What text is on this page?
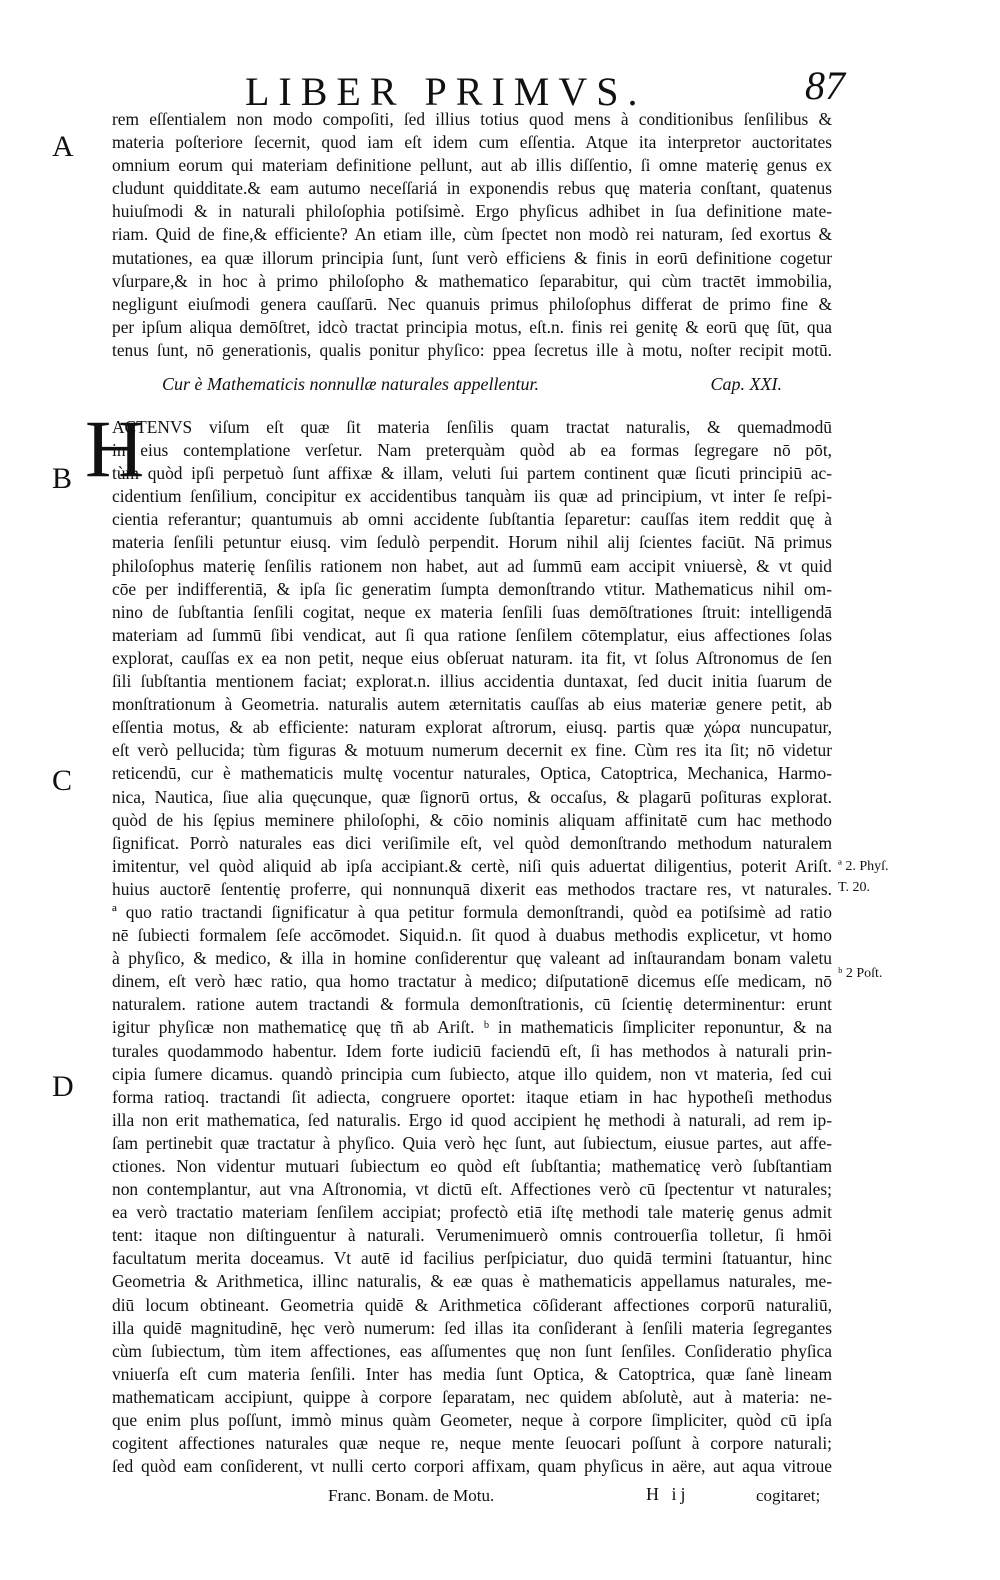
LIBER PRIMVS.	87
rem eſſentialem non modo compoſiti, ſed illius totius quod mens à conditionibus ſenſilibus &
materia poſteriore ſecernit, quod iam eſt idem cum eſſentia. Atque ita interpretor auctoritates
omnium eorum qui materiam definitione pellunt, aut ab illis diſſentio, ſi omne materię genus ex
cludunt quidditate.& eam autumo neceſſariá in exponendis rebus quę materia conſtant, quatenus
huiuſmodi & in naturali philoſophia potiſsimè. Ergo phyſicus adhibet in ſua definitione mate-
riam. Quid de fine,& efficiente? An etiam ille, cùm ſpectet non modò rei naturam, ſed exortus &
mutationes, ea quæ illorum principia ſunt, ſunt verò efficiens & finis in eorū definitione cogetur
vſurpare,& in hoc à primo philoſopho & mathematico ſeparabitur, qui cùm tractēt immobilia,
negligunt eiuſmodi genera cauſſarū. Nec quanuis primus philoſophus differat de primo fine &
per ipſum aliqua demōſtret, idcò tractat principia motus, eſt.n. finis rei genitę & eorū quę ſūt, qua
tenus ſunt, nō generationis, qualis ponitur phyſico: ppea ſecretus ille à motu, noſter recipit motū.
Cur è Mathematicis nonnullæ naturales appellentur.	Cap. XXI.
H
ACTENVS viſum eſt quæ ſit materia ſenſilis quam tractat naturalis, & quemadmodū
in eius contemplatione verſetur. Nam preterquàm quòd ab ea formas ſegregare nō pōt,
tùm quòd ipſi perpetuò ſunt affixæ & illam, veluti ſui partem continent quæ ſicuti principiū ac-
cidentium ſenſilium, concipitur ex accidentibus tanquàm iis quæ ad principium, vt inter ſe reſpi-
cientia referantur; quantumuis ab omni accidente ſubſtantia ſeparetur: cauſſas item reddit quę à
materia ſenſili petuntur eiusq. vim ſedulò perpendit. Horum nihil alij ſcientes faciūt. Nā primus
philoſophus materię ſenſilis rationem non habet, aut ad ſummū eam accipit vniuersè, & vt quid
cōe per indifferentiā, & ipſa ſic generatim ſumpta demonſtrando vtitur. Mathematicus nihil om-
nino de ſubſtantia ſenſili cogitat, neque ex materia ſenſili ſuas demōſtrationes ſtruit: intelligendā
materiam ad ſummū ſibi vendicat, aut ſi qua ratione ſenſilem cōtemplatur, eius affectiones ſolas
explorat, cauſſas ex ea non petit, neque eius obſeruat naturam. ita fit, vt ſolus Aſtronomus de ſen
ſili ſubſtantia mentionem faciat; explorat.n. illius accidentia duntaxat, ſed ducit initia ſuarum de
monſtrationum à Geometria. naturalis autem æternitatis cauſſas ab eius materiæ genere petit, ab
eſſentia motus, & ab efficiente: naturam explorat aſtrorum, eiusq. partis quæ χώρα nuncupatur,
eſt verò pellucida; tùm figuras & motuum numerum decernit ex fine. Cùm res ita ſit; nō videtur
reticendū, cur è mathematicis multę vocentur naturales, Optica, Catoptrica, Mechanica, Harmo-
nica, Nautica, ſiue alia quęcunque, quæ ſignorū ortus, & occaſus, & plagarū poſituras explorat.
quòd de his ſępius meminere philoſophi, & cōio nominis aliquam affinitatē cum hac methodo
ſignificat. Porrò naturales eas dici veriſimile eſt, vel quòd demonſtrando methodum naturalem
imitentur, vel quòd aliquid ab ipſa accipiant.& certè, niſi quis aduertat diligentius, poterit Ariſt.
huius auctorē ſententię proferre, qui nonnunquā dixerit eas methodos tractare res, vt naturales.
ª quo ratio tractandi ſignificatur à qua petitur formula demonſtrandi, quòd ea potiſsimè ad ratio
nē ſubiecti formalem ſeſe accōmodet. Siquid.n. ſit quod à duabus methodis explicetur, vt homo
à phyſico, & medico, & illa in homine conſiderentur quę valeant ad inſtaurandam bonam valetu
dinem, eſt verò hæc ratio, qua homo tractatur à medico; diſputationē dicemus eſſe medicam, nō
naturalem. ratione autem tractandi & formula demonſtrationis, cū ſcientię determinentur: erunt
igitur phyſicæ non mathematicę quę tñ ab Ariſt. ᵇ in mathematicis ſimpliciter reponuntur, & na
turales quodammodo habentur. Idem forte iudiciū faciendū eſt, ſi has methodos à naturali prin-
cipia ſumere dicamus. quandò principia cum ſubiecto, atque illo quidem, non vt materia, ſed cui
forma ratioq. tractandi ſit adiecta, congruere oportet: itaque etiam in hac hypotheſi methodus
illa non erit mathematica, ſed naturalis. Ergo id quod accipient hę methodi à naturali, ad rem ip-
ſam pertinebit quæ tractatur à phyſico. Quia verò hęc ſunt, aut ſubiectum, eiusue partes, aut affe-
ctiones. Non videntur mutuari ſubiectum eo quòd eſt ſubſtantia; mathematicę verò ſubſtantiam
non contemplantur, aut vna Aſtronomia, vt dictū eſt. Affectiones verò cū ſpectentur vt naturales;
ea verò tractatio materiam ſenſilem accipiat; profectò etiā iſtę methodi tale materię genus admit
tent: itaque non diſtinguentur à naturali. Verumenimuerò omnis controuerſia tolletur, ſi hmōi
facultatum merita doceamus. Vt autē id facilius perſpiciatur, duo quidā termini ſtatuantur, hinc
Geometria & Arithmetica, illinc naturalis, & eæ quas è mathematicis appellamus naturales, me-
diū locum obtineant. Geometria quidē & Arithmetica cōſiderant affectiones corporū naturaliū,
illa quidē magnitudinē, hęc verò numerum: ſed illas ita conſiderant à ſenſili materia ſegregantes
cùm ſubiectum, tùm item affectiones, eas aſſumentes quę non ſunt ſenſiles. Conſideratio phyſica
vniuerſa eſt cum materia ſenſili. Inter has media ſunt Optica, & Catoptrica, quæ ſanè lineam
mathematicam accipiunt, quippe à corpore ſeparatam, nec quidem abſolutè, aut à materia: ne-
que enim plus poſſunt, immò minus quàm Geometer, neque à corpore ſimpliciter, quòd cū ipſa
cogitent affectiones naturales quæ neque re, neque mente ſeuocari poſſunt à corpore naturali;
ſed quòd eam conſiderent, vt nulli certo corpori affixam, quam phyſicus in aëre, aut aqua vitroue
A
B
C
D
ª 2. Phyſ.
T. 20.
ᵇ 2 Poſt.
Franc. Bonam. de Motu.	H ij	cogitaret;
